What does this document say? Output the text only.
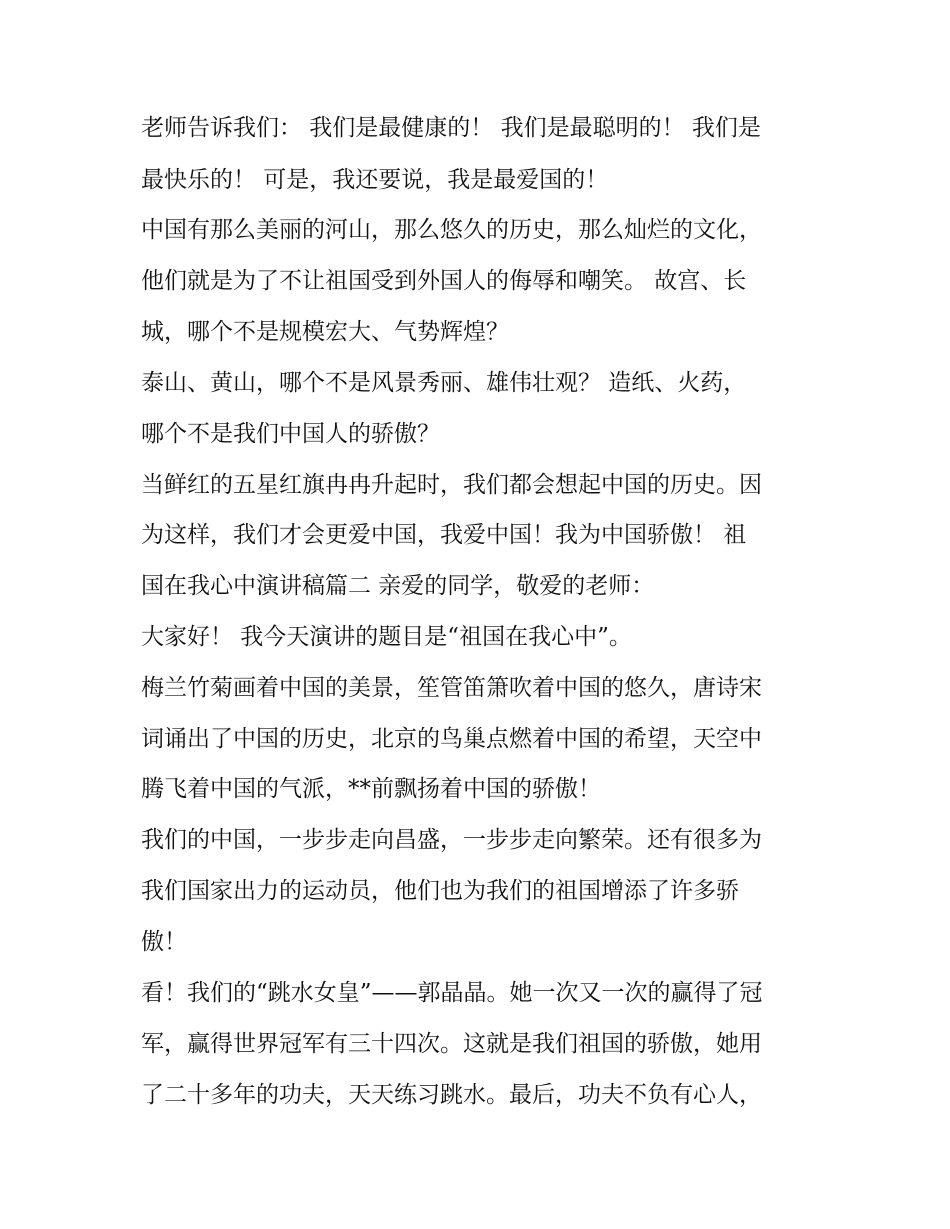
老师告诉我们： 我们是最健康的！ 我们是最聪明的！ 我们是
最快乐的！ 可是，我还要说，我是最爱国的！
中国有那么美丽的河山，那么悠久的历史，那么灿烂的文化，
他们就是为了不让祖国受到外国人的侮辱和嘲笑。 故宫、长
城，哪个不是规模宏大、气势辉煌？
泰山、黄山，哪个不是风景秀丽、雄伟壮观？ 造纸、火药，
哪个不是我们中国人的骄傲？
当鲜红的五星红旗冉冉升起时，我们都会想起中国的历史。因
为这样，我们才会更爱中国，我爱中国！我为中国骄傲！ 祖
国在我心中演讲稿篇二 亲爱的同学，敬爱的老师：
大家好！ 我今天演讲的题目是“祖国在我心中”。
梅兰竹菊画着中国的美景，笙管笛箫吹着中国的悠久，唐诗宋
词诵出了中国的历史，北京的鸟巢点燃着中国的希望，天空中
腾飞着中国的气派，**前飘扬着中国的骄傲！
我们的中国，一步步走向昌盛，一步步走向繁荣。还有很多为
我们国家出力的运动员，他们也为我们的祖国增添了许多骄
傲！
看！我们的“跳水女皇”——郭晶晶。她一次又一次的赢得了冠
军，赢得世界冠军有三十四次。这就是我们祖国的骄傲，她用
了二十多年的功夫，天天练习跳水。最后，功夫不负有心人，
